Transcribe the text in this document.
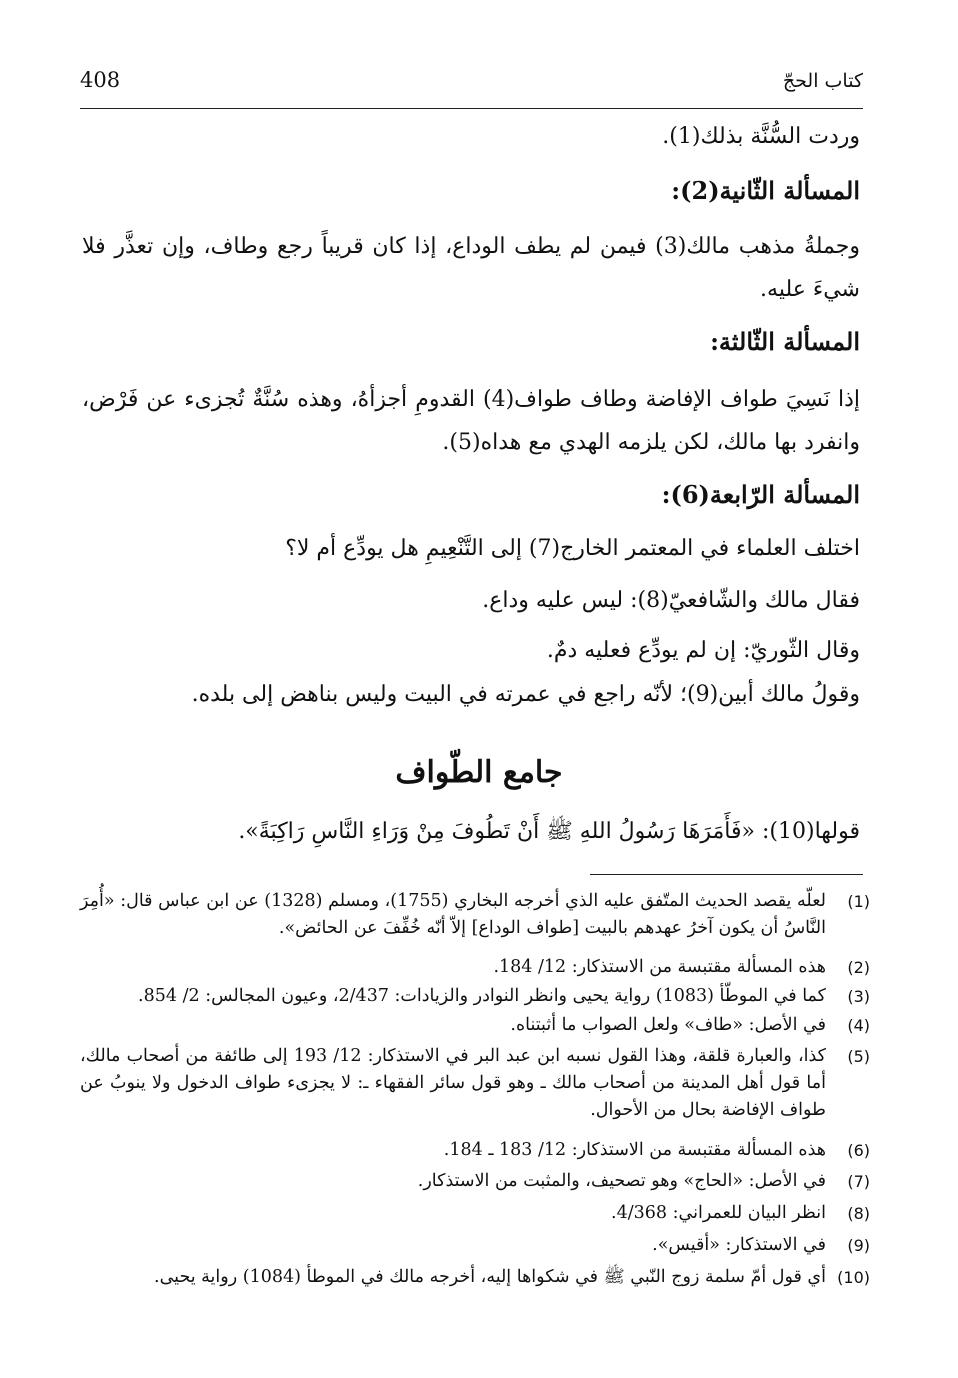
408	كتاب الحجّ
وردت السُّنَّة بذلك(1).
المسألة الثّانية(2):
وجملةُ مذهب مالك(3) فيمن لم يطف الوداع، إذا كان قريباً رجع وطاف، وإن تعذَّر فلا شيءَ عليه.
المسألة الثّالثة:
إذا نَسِيَ طواف الإفاضة وطاف طواف(4) القدومِ أجزأهُ، وهذه سُنَّةٌ تُجزىء عن فَرْض، وانفرد بها مالك، لكن يلزمه الهدي مع هداه(5).
المسألة الرّابعة(6):
اختلف العلماء في المعتمر الخارج(7) إلى التَّنْعِيمِ هل يودِّع أم لا؟
فقال مالك والشّافعيّ(8): ليس عليه وداع.
وقال الثّوريّ: إن لم يودِّع فعليه دمٌ.
وقولُ مالك أبين(9)؛ لأنّه راجع في عمرته في البيت وليس بناهض إلى بلده.
جامع الطّواف
قولها(10): «فَأَمَرَهَا رَسُولُ اللهِ ﷺ أَنْ تَطُوفَ مِنْ وَرَاءِ النَّاسِ رَاكِبَةً».
(1)
لعلّه يقصد الحديث المتّفق عليه الذي أخرجه البخاري (1755)، ومسلم (1328) عن ابن عباس قال: «أُمِرَ النَّاسُ أن يكون آخرُ عهدهم بالبيت [طواف الوداع] إلاّ أنّه خُفِّفَ عن الحائض».
(2)
هذه المسألة مقتبسة من الاستذكار: 12/ 184.
(3)
كما في الموطّأ (1083) رواية يحيى وانظر النوادر والزيادات: 2/437، وعيون المجالس: 2/ 854.
(4)
في الأصل: «طاف» ولعل الصواب ما أثبتناه.
(5)
كذا، والعبارة قلقة، وهذا القول نسبه ابن عبد البر في الاستذكار: 12/ 193 إلى طائفة من أصحاب مالك، أما قول أهل المدينة من أصحاب مالك ـ وهو قول سائر الفقهاء ـ: لا يجزىء طواف الدخول ولا ينوبُ عن طواف الإفاضة بحال من الأحوال.
(6)
هذه المسألة مقتبسة من الاستذكار: 12/ 183 ـ 184.
(7)
في الأصل: «الحاج» وهو تصحيف، والمثبت من الاستذكار.
(8)
انظر البيان للعمراني: 4/368.
(9)
في الاستذكار: «أقيس».
(10)
أي قول أمّ سلمة زوج النّبي ﷺ في شكواها إليه، أخرجه مالك في الموطأ (1084) رواية يحيى.
